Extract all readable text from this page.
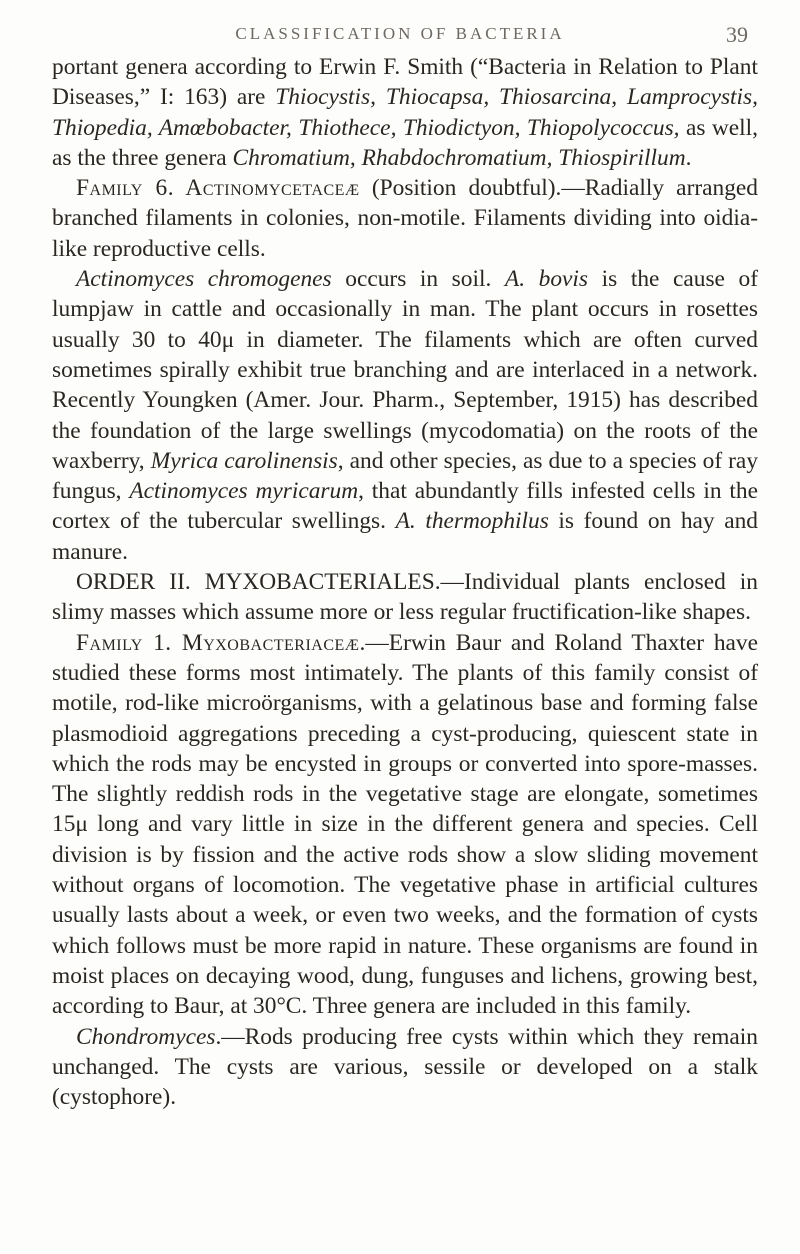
CLASSIFICATION OF BACTERIA	39

portant genera according to Erwin F. Smith (“Bacteria in Relation to Plant Diseases,” I: 163) are Thiocystis, Thiocapsa, Thiosarcina, Lamprocystis, Thiopedia, Amœbobacter, Thiothece, Thiodictyon, Thiopolycoccus, as well, as the three genera Chromatium, Rhabdochromatium, Thiospirillum.

Family 6. Actinomycetaceæ (Position doubtful).—Radially arranged branched filaments in colonies, non-motile. Filaments dividing into oidia-like reproductive cells.

Actinomyces chromogenes occurs in soil. A. bovis is the cause of lumpjaw in cattle and occasionally in man. The plant occurs in rosettes usually 30 to 40μ in diameter. The filaments which are often curved sometimes spirally exhibit true branching and are interlaced in a network. Recently Youngken (Amer. Jour. Pharm., September, 1915) has described the foundation of the large swellings (mycodomatia) on the roots of the waxberry, Myrica carolinensis, and other species, as due to a species of ray fungus, Actinomyces myricarum, that abundantly fills infested cells in the cortex of the tubercular swellings. A. thermophilus is found on hay and manure.

ORDER II. MYXOBACTERIALES.—Individual plants enclosed in slimy masses which assume more or less regular fructification-like shapes.

Family 1. Myxobacteriaceæ.—Erwin Baur and Roland Thaxter have studied these forms most intimately. The plants of this family consist of motile, rod-like microörganisms, with a gelatinous base and forming false plasmodioid aggregations preceding a cyst-producing, quiescent state in which the rods may be encysted in groups or converted into spore-masses. The slightly reddish rods in the vegetative stage are elongate, sometimes 15μ long and vary little in size in the different genera and species. Cell division is by fission and the active rods show a slow sliding movement without organs of locomotion. The vegetative phase in artificial cultures usually lasts about a week, or even two weeks, and the formation of cysts which follows must be more rapid in nature. These organisms are found in moist places on decaying wood, dung, funguses and lichens, growing best, according to Baur, at 30°C. Three genera are included in this family.

Chondromyces.—Rods producing free cysts within which they remain unchanged. The cysts are various, sessile or developed on a stalk (cystophore).
